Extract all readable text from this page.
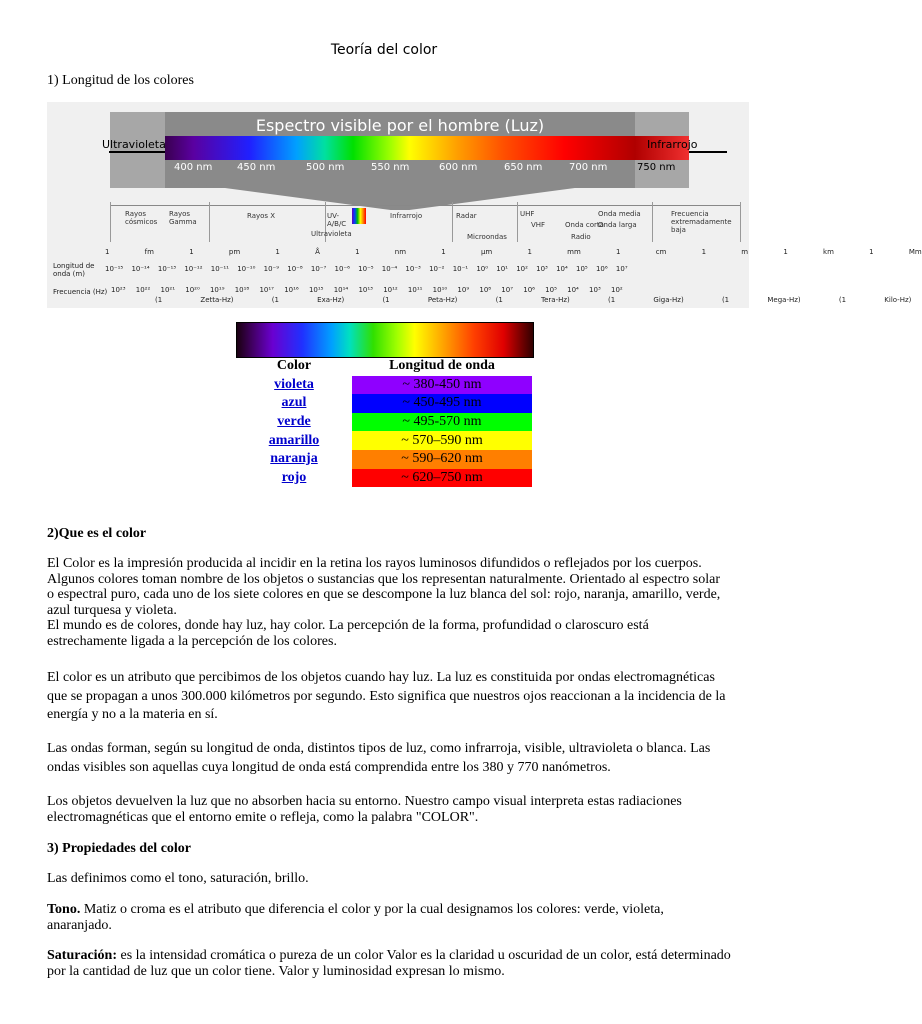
Teoría del color
1) Longitud de los colores
Espectro visible por el hombre (Luz)
Ultravioleta	Infrarrojo
400 nm 450 nm	500 nm	550 nm	600 nm	650 nm	700 nm	750 nm
Rayos cósmicos
Rayos Gamma
Rayos X	UV-A/B/C
Ultravioleta
Infrarrojo	Radar
Microondas
UHF
VHF	Onda corta
Radio
Onda media
Onda larga
Frecuencia extremadamente baja
1 fm	1 pm	1 Å	1 nm	1 µm	1 mm	1 cm	1 m	1 km	1 Mm
Longitud de onda (m)
10⁻¹⁵ 10⁻¹⁴ 10⁻¹³ 10⁻¹² 10⁻¹¹ 10⁻¹⁰ 10⁻⁹ 10⁻⁸ 10⁻⁷ 10⁻⁶ 10⁻⁵ 10⁻⁴ 10⁻³ 10⁻² 10⁻¹ 10⁰ 10¹ 10² 10³ 10⁴ 10⁵ 10⁶ 10⁷
Frecuencia (Hz) 10²³ 10²² 10²¹ 10²⁰ 10¹⁹ 10¹⁸ 10¹⁷ 10¹⁶ 10¹⁵ 10¹⁴ 10¹³ 10¹² 10¹¹ 10¹⁰ 10⁹ 10⁸ 10⁷ 10⁶ 10⁵ 10⁴ 10³ 10²
(1 Zetta-Hz)	(1 Exa-Hz)	(1 Peta-Hz)	(1 Tera-Hz)	(1 Giga-Hz)	(1 Mega-Hz)	(1 Kilo-Hz)
Color	Longitud de onda
violeta	~ 380-450 nm
azul	~ 450-495 nm
verde	~ 495-570 nm
amarillo	~ 570–590 nm
naranja	~ 590–620 nm
rojo	~ 620–750 nm
2)Que es el color
El Color es la impresión producida al incidir en la retina los rayos luminosos difundidos o reflejados por los cuerpos. Algunos colores toman nombre de los objetos o sustancias que los representan naturalmente. Orientado al espectro solar o espectral puro, cada uno de los siete colores en que se descompone la luz blanca del sol: rojo, naranja, amarillo, verde, azul turquesa y violeta.
El mundo es de colores, donde hay luz, hay color. La percepción de la forma, profundidad o claroscuro está estrechamente ligada a la percepción de los colores.
El color es un atributo que percibimos de los objetos cuando hay luz. La luz es constituida por ondas electromagnéticas que se propagan a unos 300.000 kilómetros por segundo. Esto significa que nuestros ojos reaccionan a la incidencia de la energía y no a la materia en sí.
Las ondas forman, según su longitud de onda, distintos tipos de luz, como infrarroja, visible, ultravioleta o blanca. Las ondas visibles son aquellas cuya longitud de onda está comprendida entre los 380 y 770 nanómetros.
Los objetos devuelven la luz que no absorben hacia su entorno. Nuestro campo visual interpreta estas radiaciones electromagnéticas que el entorno emite o refleja, como la palabra "COLOR".
3) Propiedades del color
Las definimos como el tono, saturación, brillo.
Tono. Matiz o croma es el atributo que diferencia el color y por la cual designamos los colores: verde, violeta, anaranjado.
Saturación: es la intensidad cromática o pureza de un color Valor es la claridad u oscuridad de un color, está determinado por la cantidad de luz que un color tiene. Valor y luminosidad expresan lo mismo.
